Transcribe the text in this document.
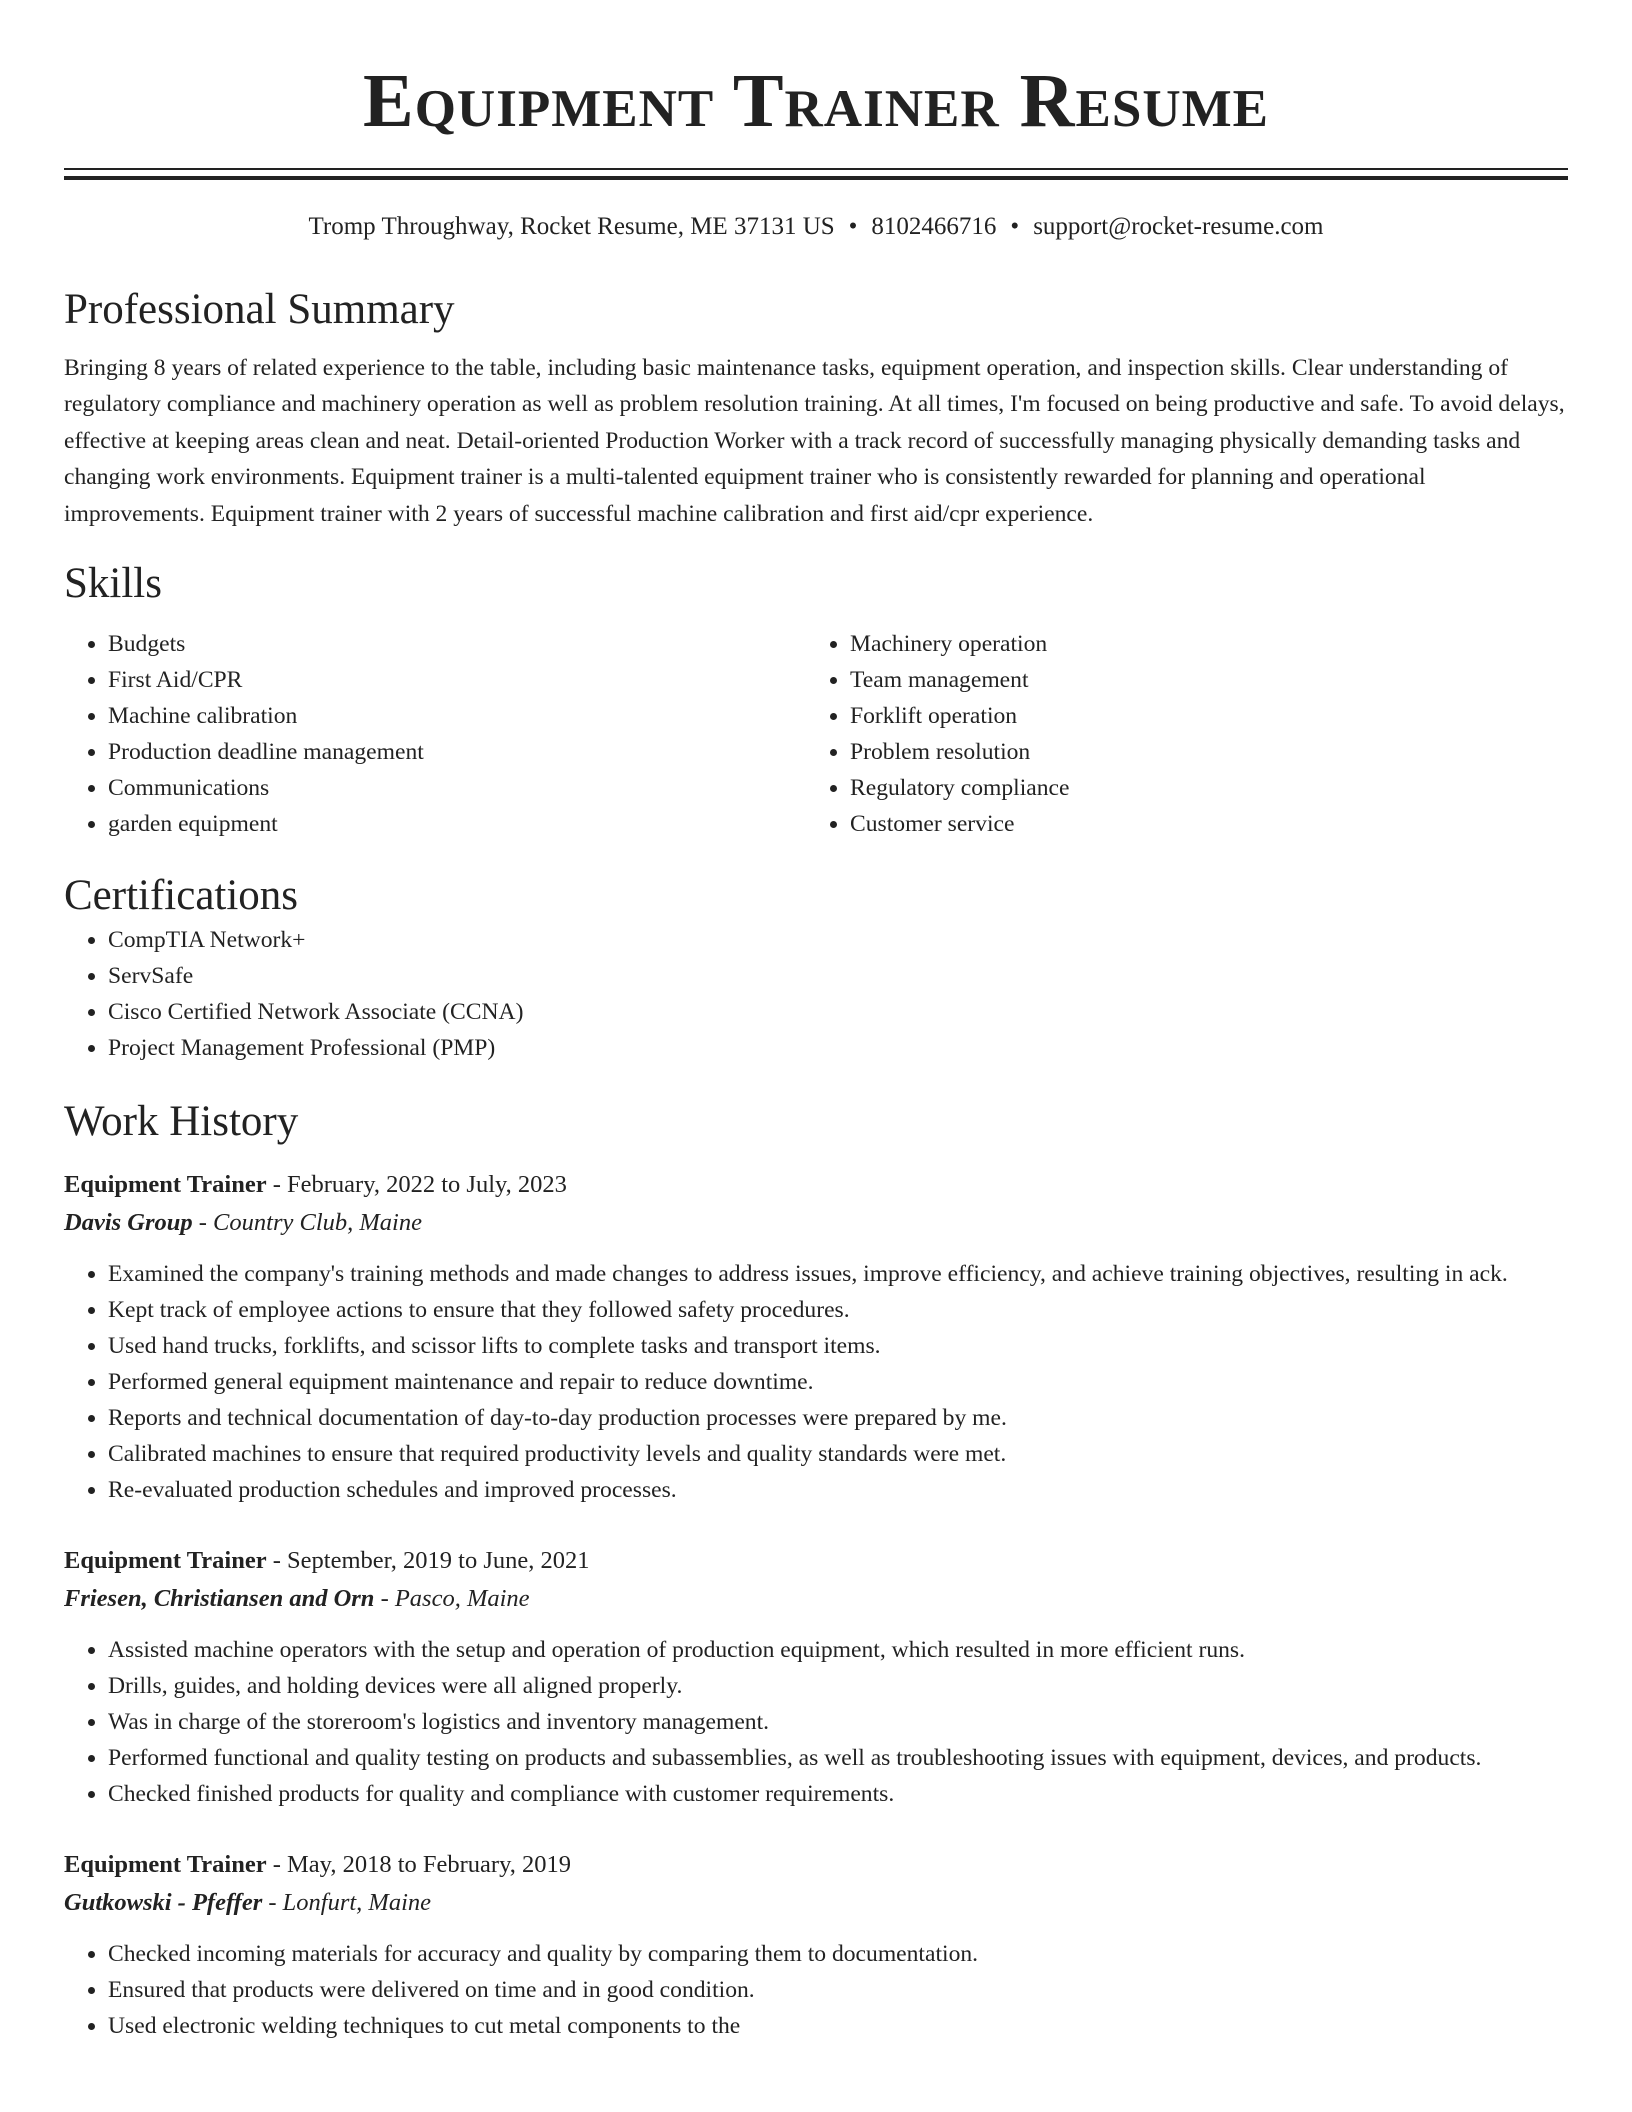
Equipment Trainer Resume
Tromp Throughway, Rocket Resume, ME 37131 US • 8102466716 • support@rocket-resume.com
Professional Summary

Bringing 8 years of related experience to the table, including basic maintenance tasks, equipment operation, and inspection skills. Clear understanding of regulatory compliance and machinery operation as well as problem resolution training. At all times, I'm focused on being productive and safe. To avoid delays, effective at keeping areas clean and neat. Detail-oriented Production Worker with a track record of successfully managing physically demanding tasks and changing work environments. Equipment trainer is a multi-talented equipment trainer who is consistently rewarded for planning and operational improvements. Equipment trainer with 2 years of successful machine calibration and first aid/cpr experience.

Skills
• Budgets
• First Aid/CPR
• Machine calibration
• Production deadline management
• Communications
• garden equipment
• Machinery operation
• Team management
• Forklift operation
• Problem resolution
• Regulatory compliance
• Customer service
Certifications
• CompTIA Network+
• ServSafe
• Cisco Certified Network Associate (CCNA)
• Project Management Professional (PMP)
Work History
Equipment Trainer - February, 2022 to July, 2023
Davis Group - Country Club, Maine
• Examined the company's training methods and made changes to address issues, improve efficiency, and achieve training objectives, resulting in ack.
• Kept track of employee actions to ensure that they followed safety procedures.
• Used hand trucks, forklifts, and scissor lifts to complete tasks and transport items.
• Performed general equipment maintenance and repair to reduce downtime.
• Reports and technical documentation of day-to-day production processes were prepared by me.
• Calibrated machines to ensure that required productivity levels and quality standards were met.
• Re-evaluated production schedules and improved processes.
Equipment Trainer - September, 2019 to June, 2021
Friesen, Christiansen and Orn - Pasco, Maine
• Assisted machine operators with the setup and operation of production equipment, which resulted in more efficient runs.
• Drills, guides, and holding devices were all aligned properly.
• Was in charge of the storeroom's logistics and inventory management.
• Performed functional and quality testing on products and subassemblies, as well as troubleshooting issues with equipment, devices, and products.
• Checked finished products for quality and compliance with customer requirements.
Equipment Trainer - May, 2018 to February, 2019
Gutkowski - Pfeffer - Lonfurt, Maine
• Checked incoming materials for accuracy and quality by comparing them to documentation.
• Ensured that products were delivered on time and in good condition.
• Used electronic welding techniques to cut metal components to the
